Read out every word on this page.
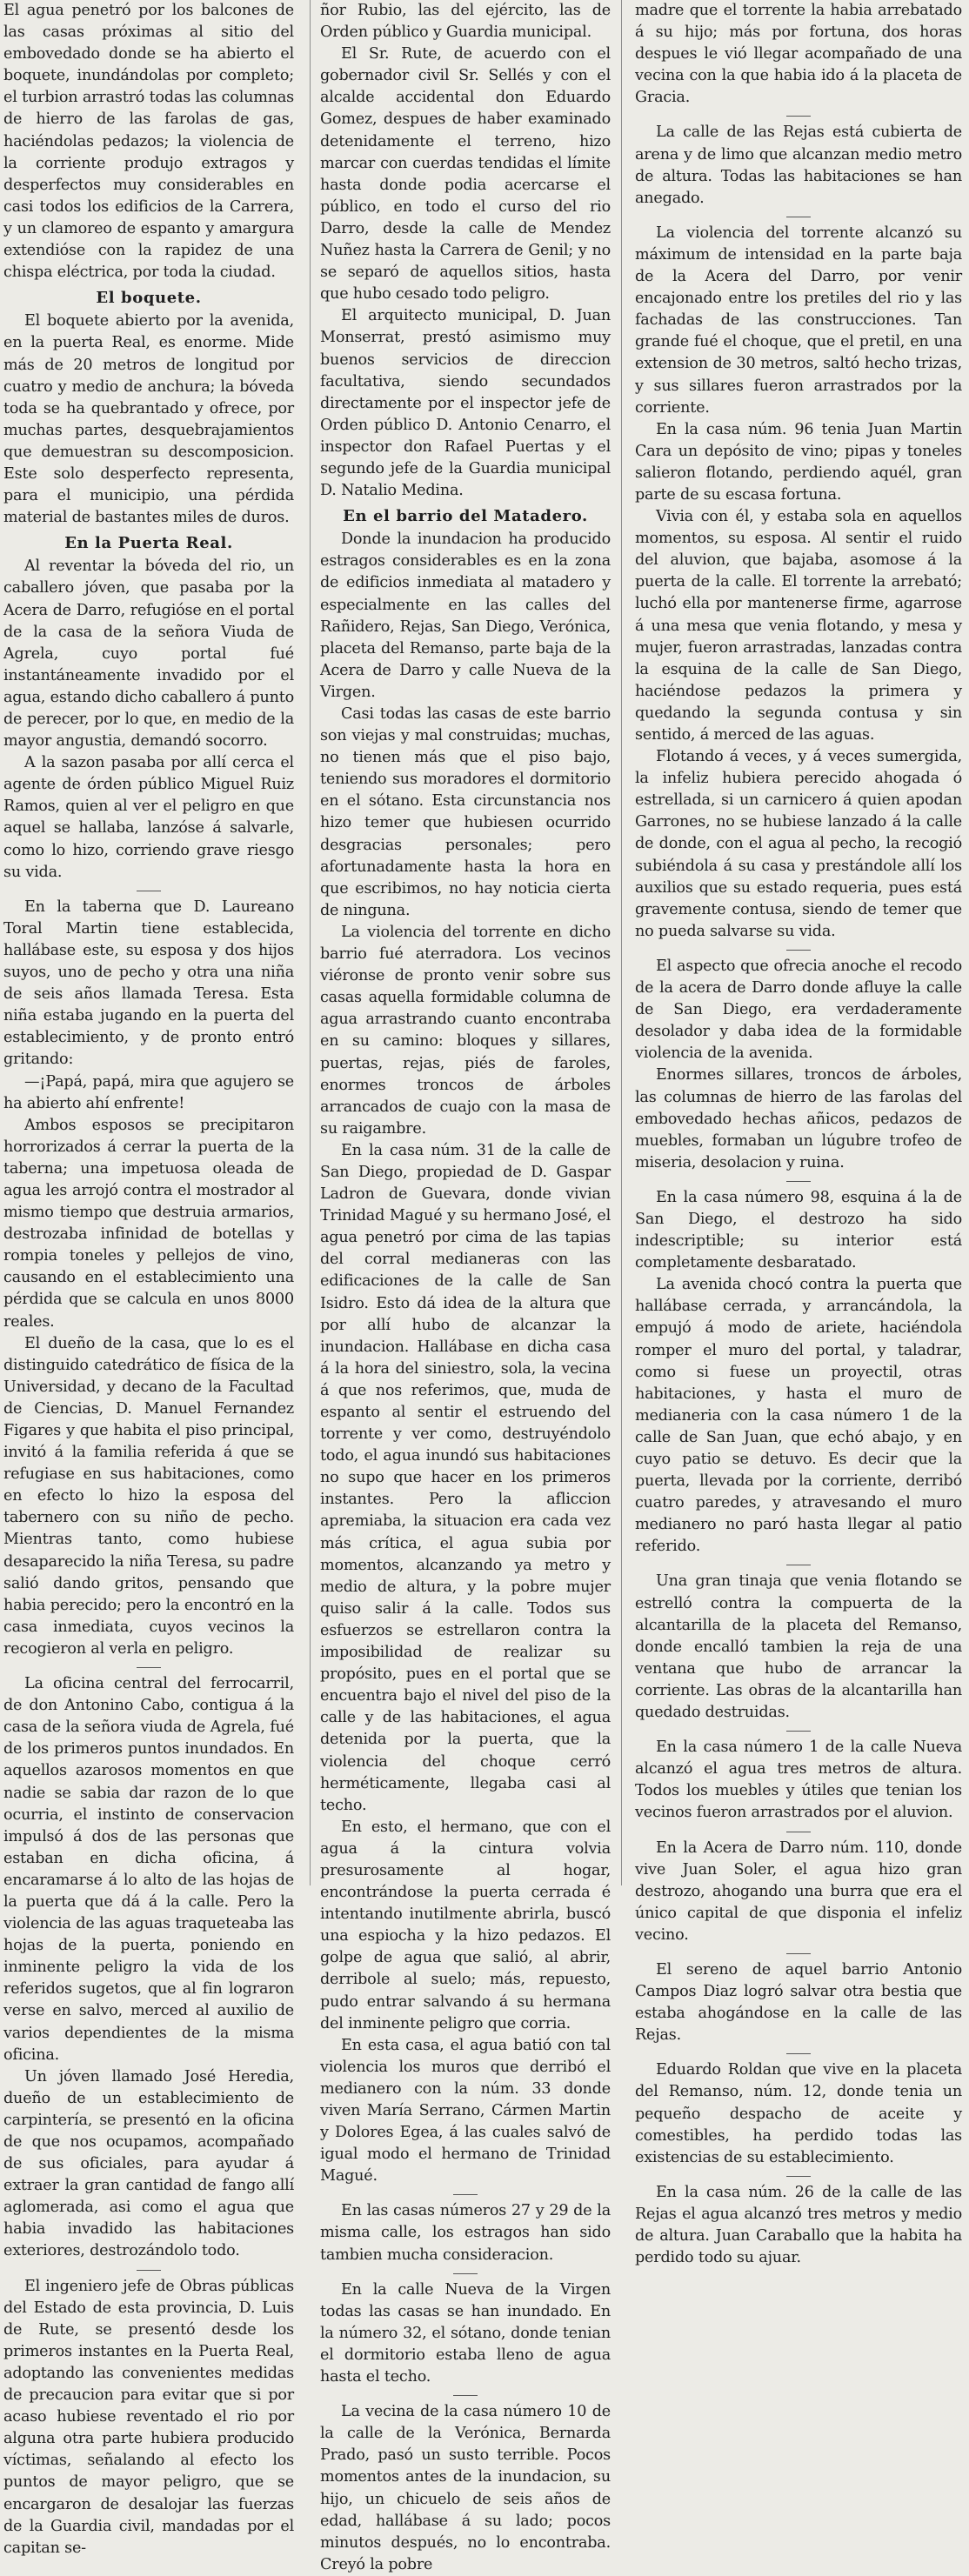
El agua penetró por los balcones de las casas próximas al sitio del embovedado donde se ha abierto el boquete, inundándolas por completo; el turbion arrastró todas las columnas de hierro de las farolas de gas, haciéndolas pedazos; la violencia de la corriente produjo extragos y desperfectos muy considerables en casi todos los edificios de la Carrera, y un clamoreo de espanto y amargura extendióse con la rapidez de una chispa eléctrica, por toda la ciudad.

El boquete.

El boquete abierto por la avenida, en la puerta Real, es enorme. Mide más de 20 metros de longitud por cuatro y medio de anchura; la bóveda toda se ha quebrantado y ofrece, por muchas partes, desquebrajamientos que demuestran su descomposicion. Este solo desperfecto representa, para el municipio, una pérdida material de bastantes miles de duros.

En la Puerta Real.

Al reventar la bóveda del rio, un caballero jóven, que pasaba por la Acera de Darro, refugióse en el portal de la casa de la señora Viuda de Agrela, cuyo portal fué instantáneamente invadido por el agua, estando dicho caballero á punto de perecer, por lo que, en medio de la mayor angustia, demandó socorro.

A la sazon pasaba por allí cerca el agente de órden público Miguel Ruiz Ramos, quien al ver el peligro en que aquel se hallaba, lanzóse á salvarle, como lo hizo, corriendo grave riesgo su vida.

En la taberna que D. Laureano Toral Martin tiene establecida, hallábase este, su esposa y dos hijos suyos, uno de pecho y otra una niña de seis años llamada Teresa. Esta niña estaba jugando en la puerta del establecimiento, y de pronto entró gritando:

—¡Papá, papá, mira que agujero se ha abierto ahí enfrente!

Ambos esposos se precipitaron horrorizados á cerrar la puerta de la taberna; una impetuosa oleada de agua les arrojó contra el mostrador al mismo tiempo que destruia armarios, destrozaba infinidad de botellas y rompia toneles y pellejos de vino, causando en el establecimiento una pérdida que se calcula en unos 8000 reales.

El dueño de la casa, que lo es el distinguido catedrático de física de la Universidad, y decano de la Facultad de Ciencias, D. Manuel Fernandez Figares y que habita el piso principal, invitó á la familia referida á que se refugiase en sus habitaciones, como en efecto lo hizo la esposa del tabernero con su niño de pecho. Mientras tanto, como hubiese desaparecido la niña Teresa, su padre salió dando gritos, pensando que habia perecido; pero la encontró en la casa inmediata, cuyos vecinos la recogieron al verla en peligro.

La oficina central del ferrocarril, de don Antonino Cabo, contigua á la casa de la señora viuda de Agrela, fué de los primeros puntos inundados. En aquellos azarosos momentos en que nadie se sabia dar razon de lo que ocurria, el instinto de conservacion impulsó á dos de las personas que estaban en dicha oficina, á encaramarse á lo alto de las hojas de la puerta que dá á la calle. Pero la violencia de las aguas traqueteaba las hojas de la puerta, poniendo en inminente peligro la vida de los referidos sugetos, que al fin lograron verse en salvo, merced al auxilio de varios dependientes de la misma oficina.

Un jóven llamado José Heredia, dueño de un establecimiento de carpintería, se presentó en la oficina de que nos ocupamos, acompañado de sus oficiales, para ayudar á extraer la gran cantidad de fango allí aglomerada, asi como el agua que habia invadido las habitaciones exteriores, destrozándolo todo.

El ingeniero jefe de Obras públicas del Estado de esta provincia, D. Luis de Rute, se presentó desde los primeros instantes en la Puerta Real, adoptando las convenientes medidas de precaucion para evitar que si por acaso hubiese reventado el rio por alguna otra parte hubiera producido víctimas, señalando al efecto los puntos de mayor peligro, que se encargaron de desalojar las fuerzas de la Guardia civil, mandadas por el capitan se-

ñor Rubio, las del ejército, las de Orden público y Guardia municipal.

El Sr. Rute, de acuerdo con el gobernador civil Sr. Sellés y con el alcalde accidental don Eduardo Gomez, despues de haber examinado detenidamente el terreno, hizo marcar con cuerdas tendidas el límite hasta donde podia acercarse el público, en todo el curso del rio Darro, desde la calle de Mendez Nuñez hasta la Carrera de Genil; y no se separó de aquellos sitios, hasta que hubo cesado todo peligro.

El arquitecto municipal, D. Juan Monserrat, prestó asimismo muy buenos servicios de direccion facultativa, siendo secundados directamente por el inspector jefe de Orden público D. Antonio Cenarro, el inspector don Rafael Puertas y el segundo jefe de la Guardia municipal D. Natalio Medina.

En el barrio del Matadero.

Donde la inundacion ha producido estragos considerables es en la zona de edificios inmediata al matadero y especialmente en las calles del Rañidero, Rejas, San Diego, Verónica, placeta del Remanso, parte baja de la Acera de Darro y calle Nueva de la Virgen.

Casi todas las casas de este barrio son viejas y mal construidas; muchas, no tienen más que el piso bajo, teniendo sus moradores el dormitorio en el sótano. Esta circunstancia nos hizo temer que hubiesen ocurrido desgracias personales; pero afortunadamente hasta la hora en que escribimos, no hay noticia cierta de ninguna.

La violencia del torrente en dicho barrio fué aterradora. Los vecinos viéronse de pronto venir sobre sus casas aquella formidable columna de agua arrastrando cuanto encontraba en su camino: bloques y sillares, puertas, rejas, piés de faroles, enormes troncos de árboles arrancados de cuajo con la masa de su raigambre.

En la casa núm. 31 de la calle de San Diego, propiedad de D. Gaspar Ladron de Guevara, donde vivian Trinidad Magué y su hermano José, el agua penetró por cima de las tapias del corral medianeras con las edificaciones de la calle de San Isidro. Esto dá idea de la altura que por allí hubo de alcanzar la inundacion. Hallábase en dicha casa á la hora del siniestro, sola, la vecina á que nos referimos, que, muda de espanto al sentir el estruendo del torrente y ver como, destruyéndolo todo, el agua inundó sus habitaciones no supo que hacer en los primeros instantes. Pero la afliccion apremiaba, la situacion era cada vez más crítica, el agua subia por momentos, alcanzando ya metro y medio de altura, y la pobre mujer quiso salir á la calle. Todos sus esfuerzos se estrellaron contra la imposibilidad de realizar su propósito, pues en el portal que se encuentra bajo el nivel del piso de la calle y de las habitaciones, el agua detenida por la puerta, que la violencia del choque cerró herméticamente, llegaba casi al techo.

En esto, el hermano, que con el agua á la cintura volvia presurosamente al hogar, encontrándose la puerta cerrada é intentando inutilmente abrirla, buscó una espiocha y la hizo pedazos. El golpe de agua que salió, al abrir, derribole al suelo; más, repuesto, pudo entrar salvando á su hermana del inminente peligro que corria.

En esta casa, el agua batió con tal violencia los muros que derribó el medianero con la núm. 33 donde viven María Serrano, Cármen Martin y Dolores Egea, á las cuales salvó de igual modo el hermano de Trinidad Magué.

En las casas números 27 y 29 de la misma calle, los estragos han sido tambien mucha consideracion.

En la calle Nueva de la Virgen todas las casas se han inundado. En la número 32, el sótano, donde tenian el dormitorio estaba lleno de agua hasta el techo.

La vecina de la casa número 10 de la calle de la Verónica, Bernarda Prado, pasó un susto terrible. Pocos momentos antes de la inundacion, su hijo, un chicuelo de seis años de edad, hallábase á su lado; pocos minutos después, no lo encontraba. Creyó la pobre

madre que el torrente la habia arrebatado á su hijo; más por fortuna, dos horas despues le vió llegar acompañado de una vecina con la que habia ido á la placeta de Gracia.

La calle de las Rejas está cubierta de arena y de limo que alcanzan medio metro de altura. Todas las habitaciones se han anegado.

La violencia del torrente alcanzó su máximum de intensidad en la parte baja de la Acera del Darro, por venir encajonado entre los pretiles del rio y las fachadas de las construcciones. Tan grande fué el choque, que el pretil, en una extension de 30 metros, saltó hecho trizas, y sus sillares fueron arrastrados por la corriente.

En la casa núm. 96 tenia Juan Martin Cara un depósito de vino; pipas y toneles salieron flotando, perdiendo aquél, gran parte de su escasa fortuna.

Vivia con él, y estaba sola en aquellos momentos, su esposa. Al sentir el ruido del aluvion, que bajaba, asomose á la puerta de la calle. El torrente la arrebató; luchó ella por mantenerse firme, agarrose á una mesa que venia flotando, y mesa y mujer, fueron arrastradas, lanzadas contra la esquina de la calle de San Diego, haciéndose pedazos la primera y quedando la segunda contusa y sin sentido, á merced de las aguas.

Flotando á veces, y á veces sumergida, la infeliz hubiera perecido ahogada ó estrellada, si un carnicero á quien apodan Garrones, no se hubiese lanzado á la calle de donde, con el agua al pecho, la recogió subiéndola á su casa y prestándole allí los auxilios que su estado requeria, pues está gravemente contusa, siendo de temer que no pueda salvarse su vida.

El aspecto que ofrecia anoche el recodo de la acera de Darro donde afluye la calle de San Diego, era verdaderamente desolador y daba idea de la formidable violencia de la avenida.

Enormes sillares, troncos de árboles, las columnas de hierro de las farolas del embovedado hechas añicos, pedazos de muebles, formaban un lúgubre trofeo de miseria, desolacion y ruina.

En la casa número 98, esquina á la de San Diego, el destrozo ha sido indescriptible; su interior está completamente desbaratado.

La avenida chocó contra la puerta que hallábase cerrada, y arrancándola, la empujó á modo de ariete, haciéndola romper el muro del portal, y taladrar, como si fuese un proyectil, otras habitaciones, y hasta el muro de medianeria con la casa número 1 de la calle de San Juan, que echó abajo, y en cuyo patio se detuvo. Es decir que la puerta, llevada por la corriente, derribó cuatro paredes, y atravesando el muro medianero no paró hasta llegar al patio referido.

Una gran tinaja que venia flotando se estrelló contra la compuerta de la alcantarilla de la placeta del Remanso, donde encalló tambien la reja de una ventana que hubo de arrancar la corriente. Las obras de la alcantarilla han quedado destruidas.

En la casa número 1 de la calle Nueva alcanzó el agua tres metros de altura. Todos los muebles y útiles que tenian los vecinos fueron arrastrados por el aluvion.

En la Acera de Darro núm. 110, donde vive Juan Soler, el agua hizo gran destrozo, ahogando una burra que era el único capital de que disponia el infeliz vecino.

El sereno de aquel barrio Antonio Campos Diaz logró salvar otra bestia que estaba ahogándose en la calle de las Rejas.

Eduardo Roldan que vive en la placeta del Remanso, núm. 12, donde tenia un pequeño despacho de aceite y comestibles, ha perdido todas las existencias de su establecimiento.

En la casa núm. 26 de la calle de las Rejas el agua alcanzó tres metros y medio de altura. Juan Caraballo que la habita ha perdido todo su ajuar.
